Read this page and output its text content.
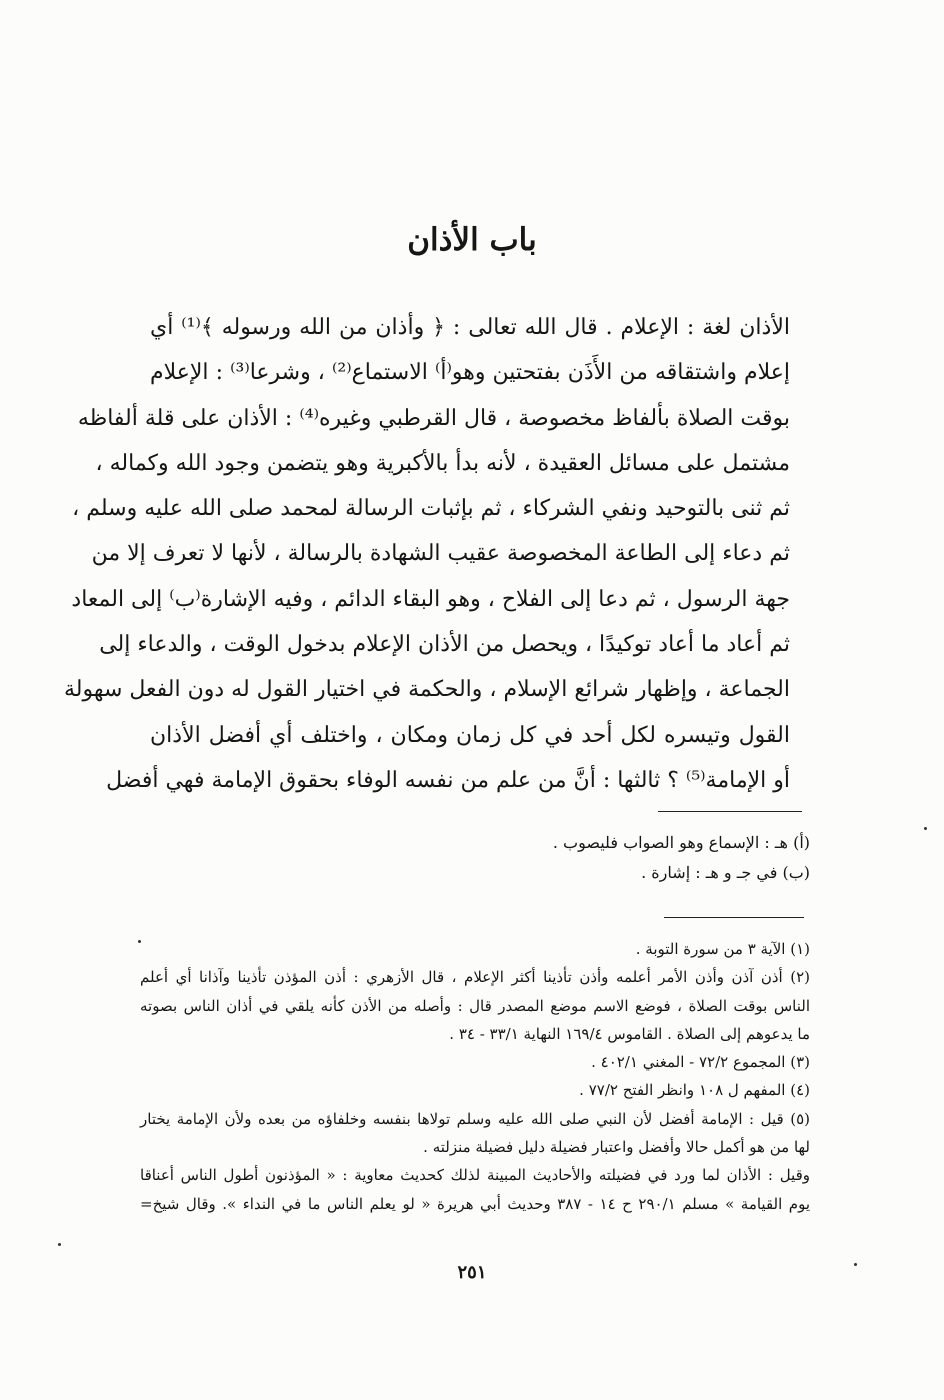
باب الأذان
الأذان لغة : الإعلام . قال الله تعالى : ﴿ وأذان من الله ورسوله ﴾⁽¹⁾ أي
إعلام واشتقاقه من الأَذَن بفتحتين وهو⁽أ⁾ الاستماع⁽²⁾ ، وشرعا⁽³⁾ : الإعلام
بوقت الصلاة بألفاظ مخصوصة ، قال القرطبي وغيره⁽⁴⁾ : الأذان على قلة ألفاظه
مشتمل على مسائل العقيدة ، لأنه بدأ بالأكبرية وهو يتضمن وجود الله وكماله ،
ثم ثنى بالتوحيد ونفي الشركاء ، ثم بإثبات الرسالة لمحمد صلى الله عليه وسلم ،
ثم دعاء إلى الطاعة المخصوصة عقيب الشهادة بالرسالة ، لأنها لا تعرف إلا من
جهة الرسول ، ثم دعا إلى الفلاح ، وهو البقاء الدائم ، وفيه الإشارة⁽ب⁾ إلى المعاد
ثم أعاد ما أعاد توكيدًا ، ويحصل من الأذان الإعلام بدخول الوقت ، والدعاء إلى
الجماعة ، وإظهار شرائع الإسلام ، والحكمة في اختيار القول له دون الفعل سهولة
القول وتيسره لكل أحد في كل زمان ومكان ، واختلف أي أفضل الأذان
أو الإمامة⁽⁵⁾ ؟ ثالثها : أنَّ من علم من نفسه الوفاء بحقوق الإمامة فهي أفضل
(أ) هـ : الإسماع وهو الصواب فليصوب .
(ب) في جـ و هـ : إشارة .
(١) الآية ٣ من سورة التوبة .
(٢) أذن آذن وأذن الأمر أعلمه وأذن تأذينا أكثر الإعلام ، قال الأزهري : أذن المؤذن تأذينا وآذانا أي أعلم
الناس بوقت الصلاة ، فوضع الاسم موضع المصدر قال : وأصله من الأذن كأنه يلقي في أذان الناس بصوته
ما يدعوهم إلى الصلاة . القاموس ١٦٩/٤ النهاية ٣٣/١ - ٣٤ .
(٣) المجموع ٧٢/٢ - المغني ٤٠٢/١ .
(٤) المفهم ل ١٠٨ وانظر الفتح ٧٧/٢ .
(٥) قيل : الإمامة أفضل لأن النبي صلى الله عليه وسلم تولاها بنفسه وخلفاؤه من بعده ولأن الإمامة يختار
لها من هو أكمل حالا وأفضل واعتبار فضيلة دليل فضيلة منزلته .
وقيل : الأذان لما ورد في فضيلته والأحاديث المبينة لذلك كحديث معاوية : « المؤذنون أطول الناس أعناقا
يوم القيامة » مسلم ٢٩٠/١ ح ١٤ - ٣٨٧ وحديث أبي هريرة « لو يعلم الناس ما في النداء ». وقال شيخ=
٢٥١
